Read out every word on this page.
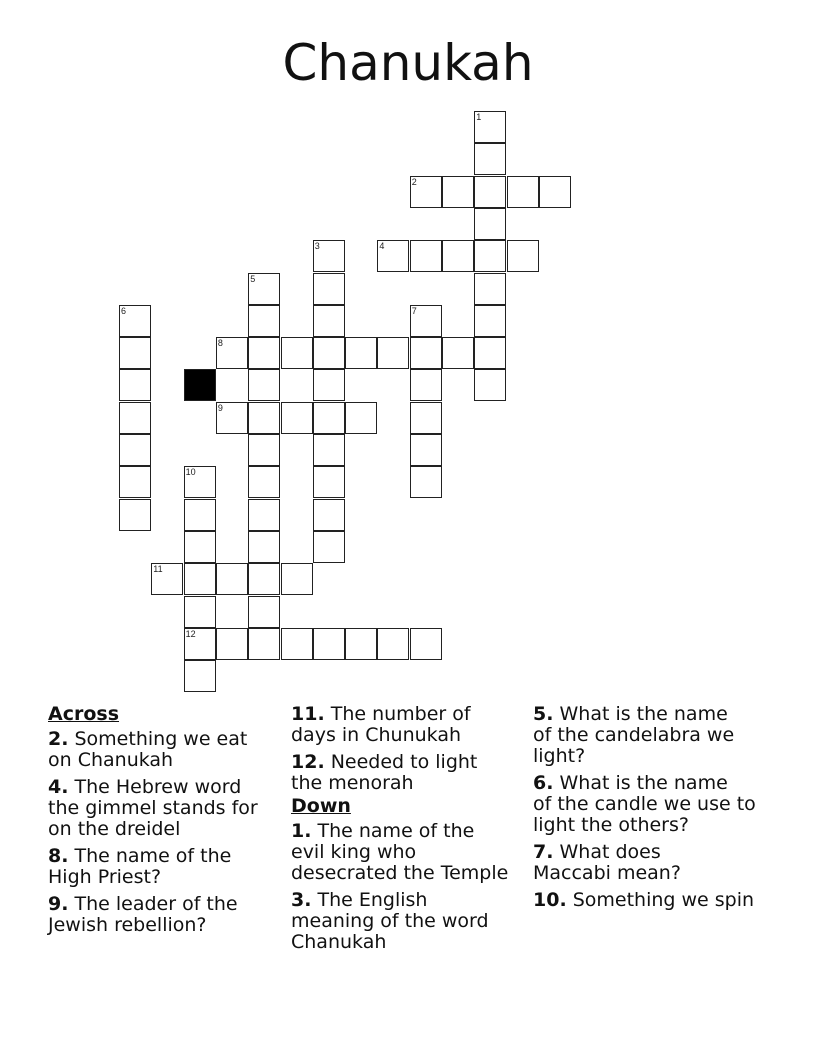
Chanukah
1
2
3	4
5
6	7
8
9
10
12
11
Across
2. Something we eat
on Chanukah
4. The Hebrew word
the gimmel stands for
on the dreidel
8. The name of the
High Priest?
9. The leader of the
Jewish rebellion?
11. The number of
days in Chunukah
12. Needed to light
the menorah
Down
1. The name of the
evil king who
desecrated the Temple
3. The English
meaning of the word
Chanukah
5. What is the name
of the candelabra we
light?
6. What is the name
of the candle we use to
light the others?
7. What does
Maccabi mean?
10. Something we spin
